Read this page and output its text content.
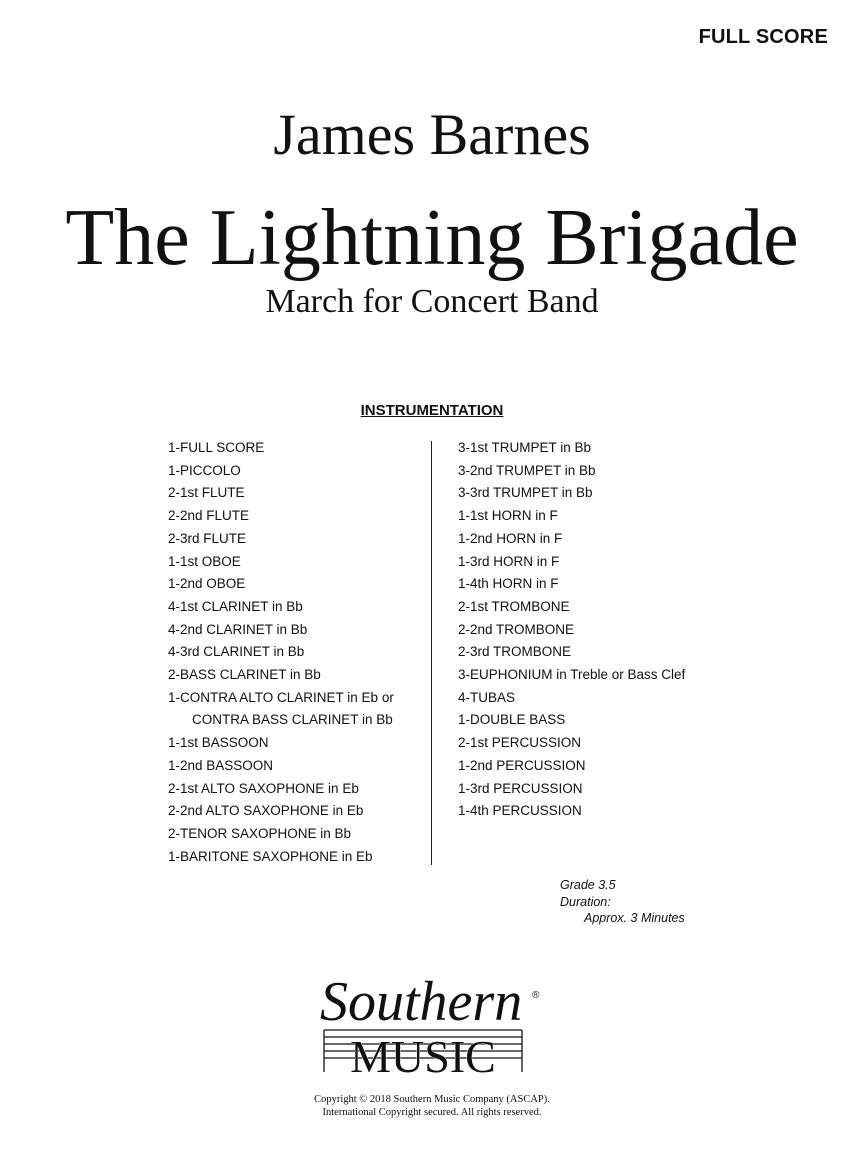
FULL SCORE
James Barnes
The Lightning Brigade
March for Concert Band
INSTRUMENTATION
1-FULL SCORE
1-PICCOLO
2-1st FLUTE
2-2nd FLUTE
2-3rd FLUTE
1-1st OBOE
1-2nd OBOE
4-1st CLARINET in Bb
4-2nd CLARINET in Bb
4-3rd CLARINET in Bb
2-BASS CLARINET in Bb
1-CONTRA ALTO CLARINET in Eb or
CONTRA BASS CLARINET in Bb
1-1st BASSOON
1-2nd BASSOON
2-1st ALTO SAXOPHONE in Eb
2-2nd ALTO SAXOPHONE in Eb
2-TENOR SAXOPHONE in Bb
1-BARITONE SAXOPHONE in Eb
3-1st TRUMPET in Bb
3-2nd TRUMPET in Bb
3-3rd TRUMPET in Bb
1-1st HORN in F
1-2nd HORN in F
1-3rd HORN in F
1-4th HORN in F
2-1st TROMBONE
2-2nd TROMBONE
2-3rd TROMBONE
3-EUPHONIUM in Treble or Bass Clef
4-TUBAS
1-DOUBLE BASS
2-1st PERCUSSION
1-2nd PERCUSSION
1-3rd PERCUSSION
1-4th PERCUSSION
Grade 3.5
Duration:
Approx. 3 Minutes
Southern ®
MUSIC
Copyright © 2018 Southern Music Company (ASCAP).
International Copyright secured. All rights reserved.
